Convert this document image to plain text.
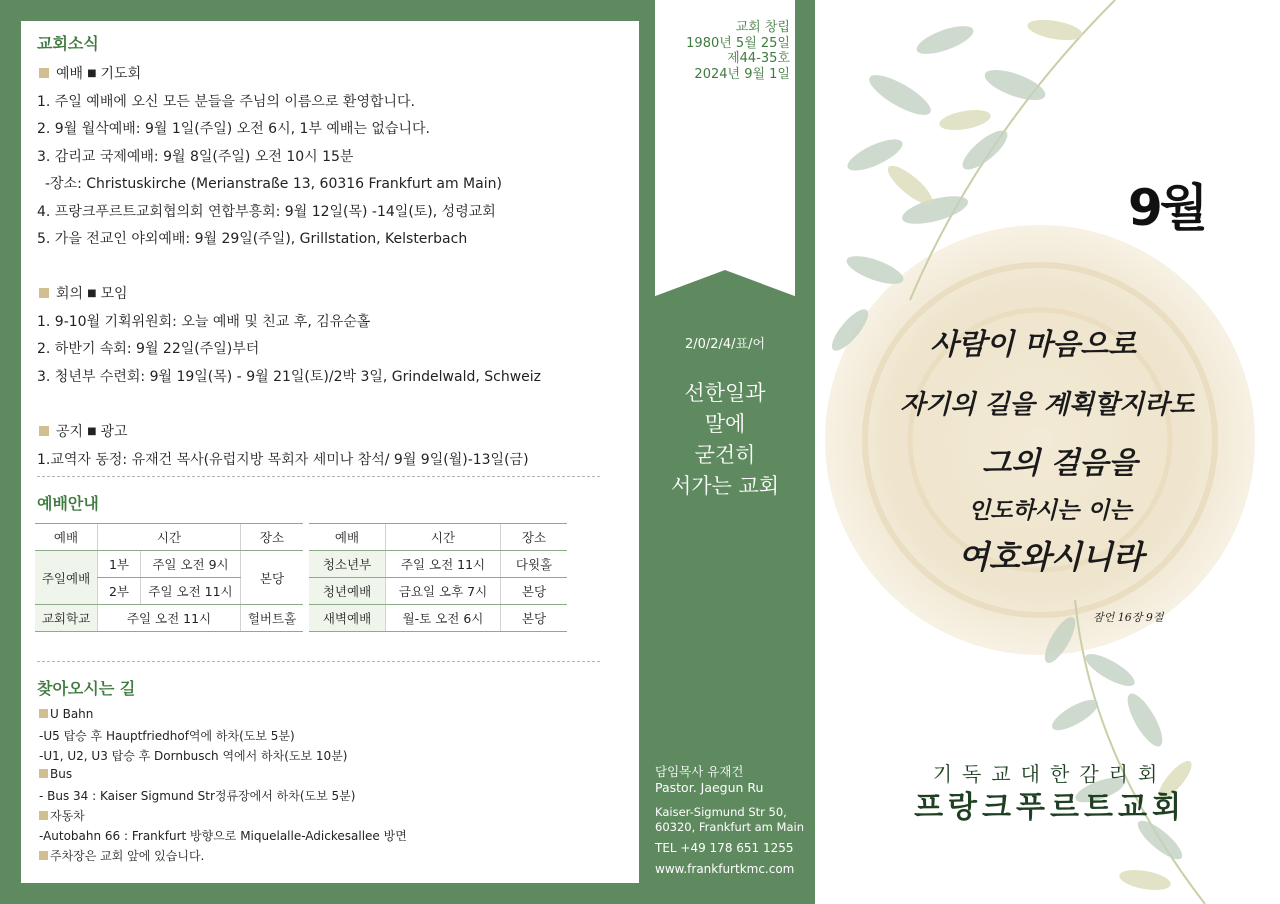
교회소식
예배 ■ 기도회
1. 주일 예배에 오신 모든 분들을 주님의 이름으로 환영합니다.
2. 9월 월삭예배: 9월 1일(주일) 오전 6시, 1부 예배는 없습니다.
3. 감리교 국제예배: 9월 8일(주일) 오전 10시 15분
-장소: Christuskirche (Merianstraße 13, 60316 Frankfurt am Main)
4. 프랑크푸르트교회협의회 연합부흥회: 9월 12일(목) -14일(토), 성령교회
5. 가을 전교인 야외예배: 9월 29일(주일), Grillstation, Kelsterbach
회의 ■ 모임
1. 9-10월 기획위원회: 오늘 예배 및 친교 후, 김유순홀
2. 하반기 속회: 9월 22일(주일)부터
3. 청년부 수련회: 9월 19일(목) - 9월 21일(토)/2박 3일, Grindelwald, Schweiz
공지 ■ 광고
1.교역자 동정: 유재건 목사(유럽지방 목회자 세미나 참석/ 9월 9일(월)-13일(금)
예배안내
예배	시간		장소
주일예배	1부	주일 오전 9시	본당
	2부	주일 오전 11시	
교회학교	주일 오전 11시		헐버트홀
예배	시간	장소
청소년부	주일 오전 11시	다윗홀
청년예배	금요일 오후 7시	본당
새벽예배	월-토 오전 6시	본당
찾아오시는 길
U Bahn
-U5 탑승 후 Hauptfriedhof역에 하차(도보 5분)
-U1, U2, U3 탑승 후 Dornbusch 역에서 하차(도보 10분)
Bus
- Bus 34 : Kaiser Sigmund Str정류장에서 하차(도보 5분)
자동차
-Autobahn 66 : Frankfurt 방향으로 Miquelalle-Adickesallee 방면
주차장은 교회 앞에 있습니다.
교회 창립
1980년 5월 25일
제44-35호
2024년 9월 1일
2/0/2/4/표/어
선한일과
말에
굳건히
서가는 교회
담임목사 유재건
Pastor. Jaegun Ru
Kaiser-Sigmund Str 50,
60320, Frankfurt am Main
TEL +49 178 651 1255
www.frankfurtkmc.com
9월
사람이 마음으로
자기의 길을 계획할지라도
그의 걸음을
인도하시는 이는
여호와시니라
잠언 16장 9절
기독교대한감리회
프랑크푸르트교회
